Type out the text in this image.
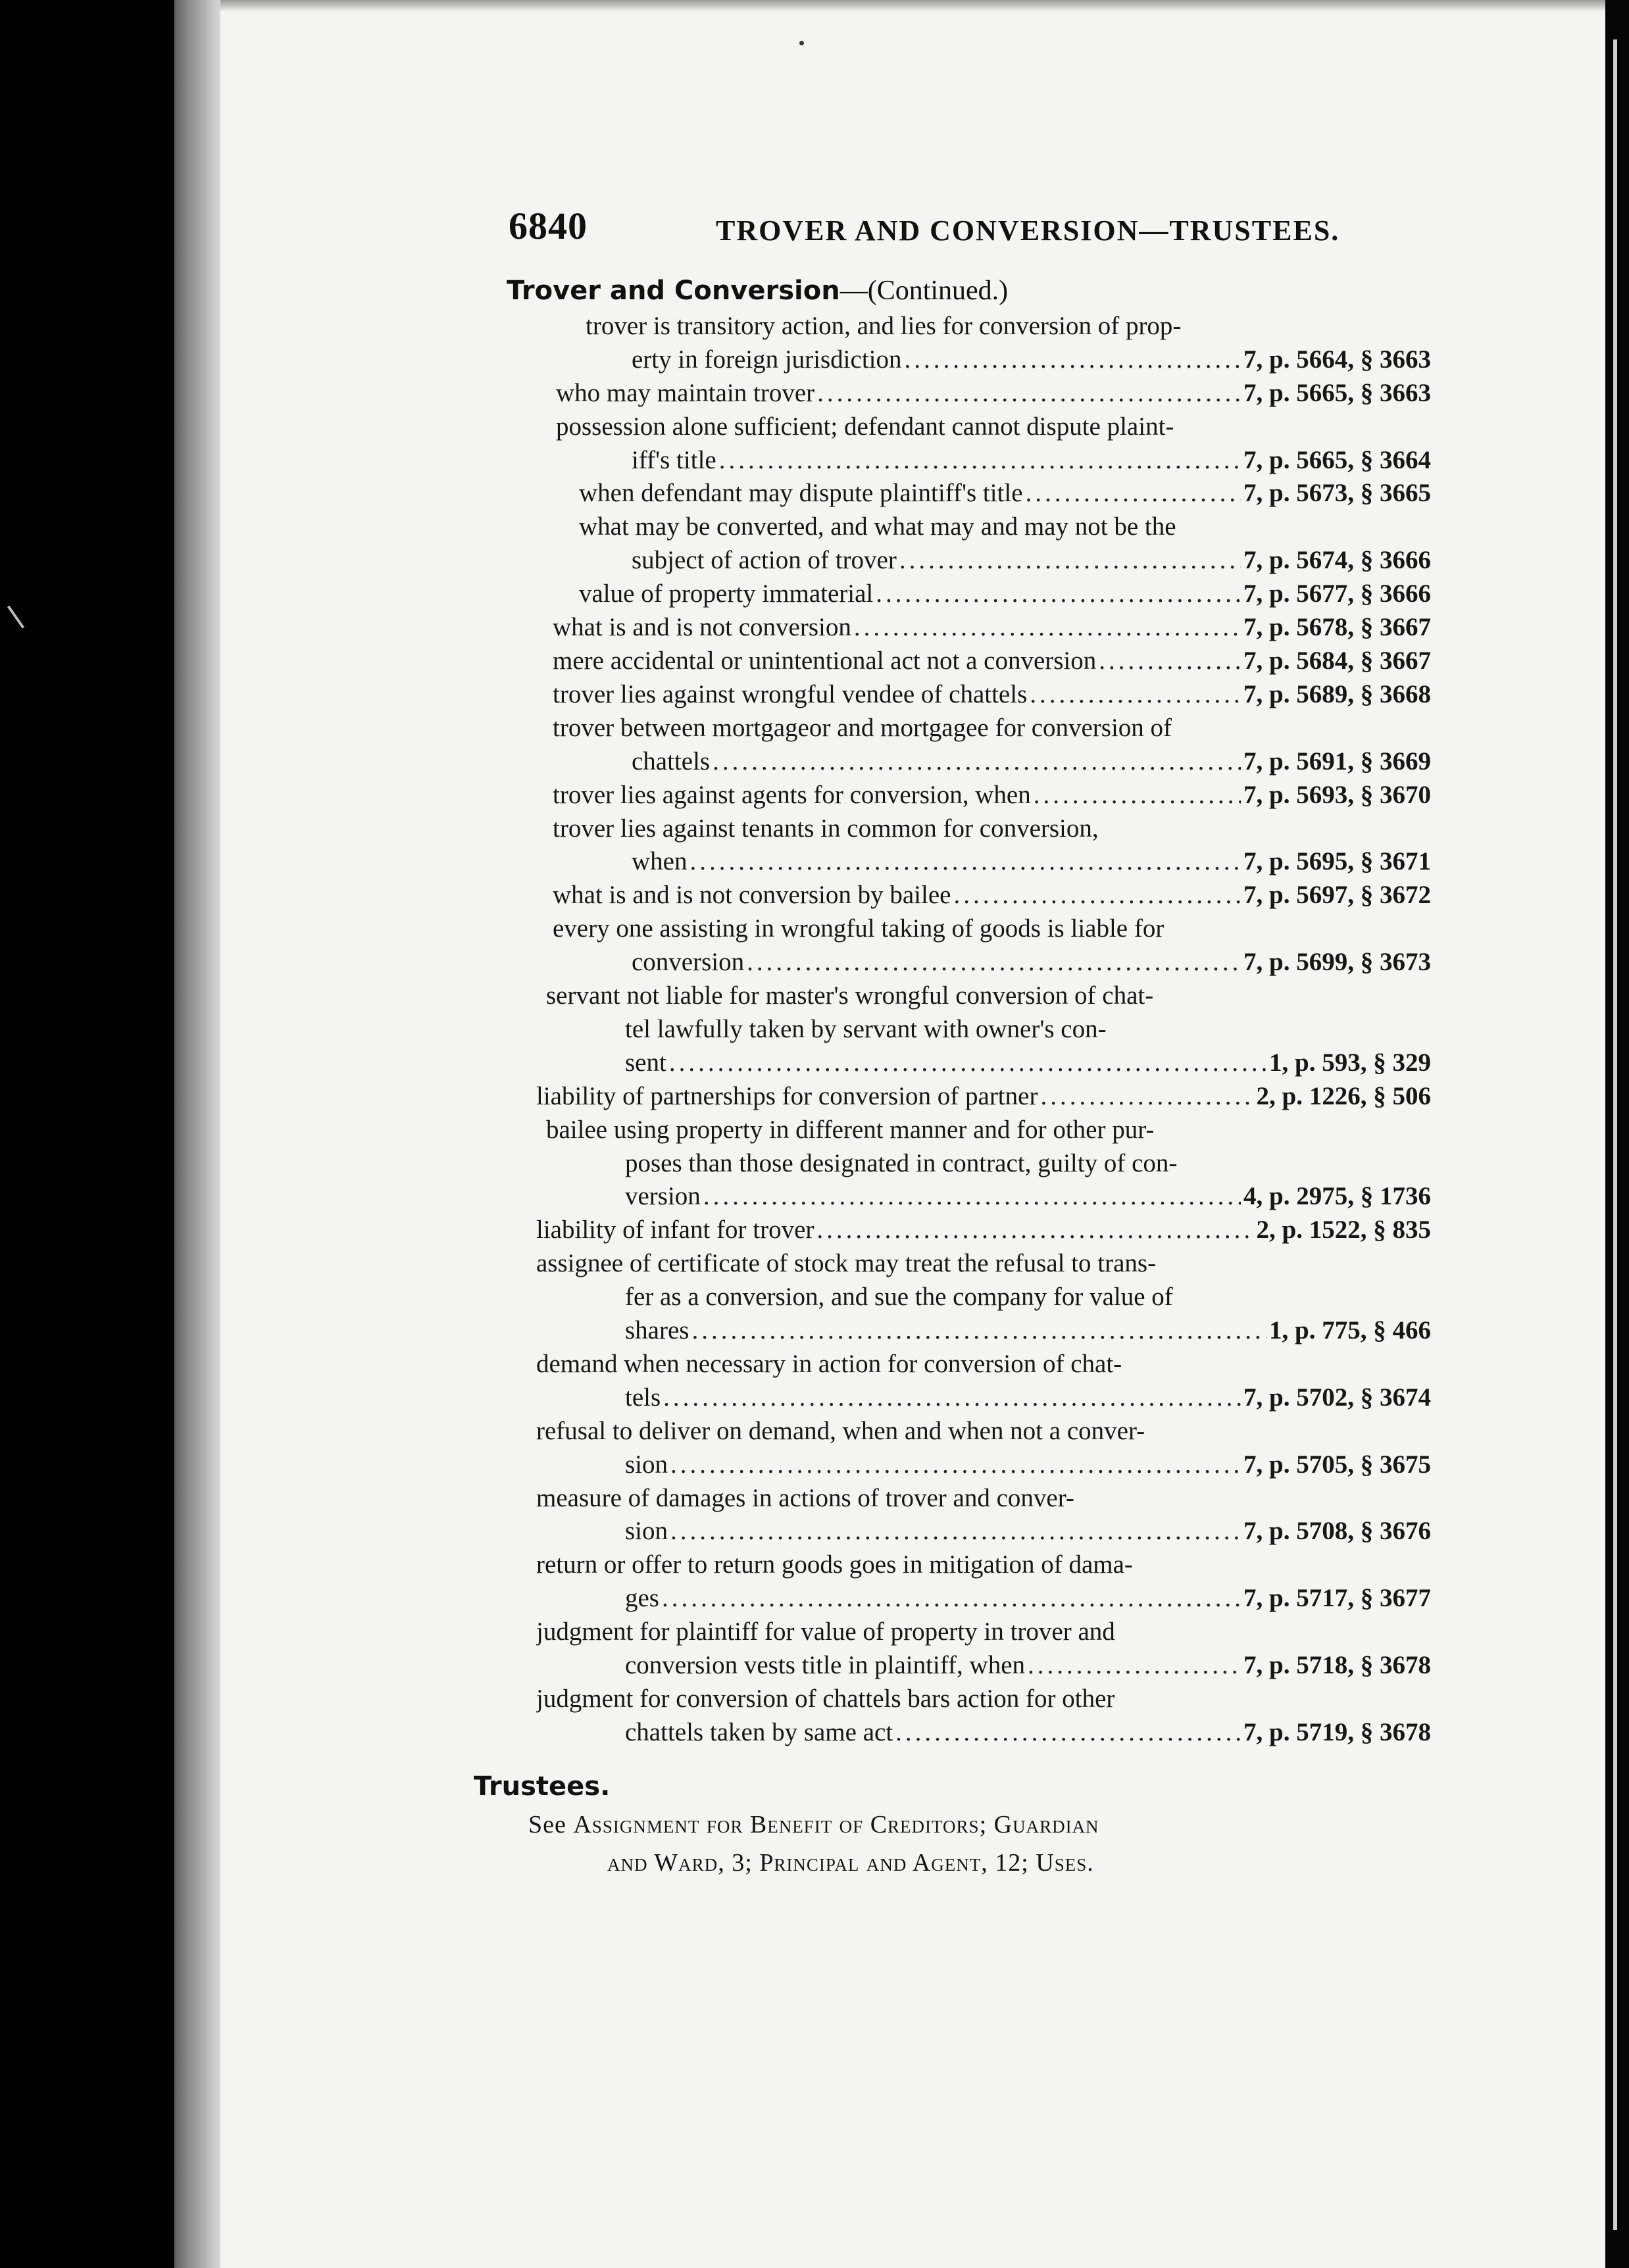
6840	TROVER AND CONVERSION—TRUSTEES.
Trover and Conversion—(Continued.)
trover is transitory action, and lies for conversion of prop-
erty in foreign jurisdiction .....	7, p. 5664, § 3663
who may maintain trover .....	7, p. 5665, § 3663
possession alone sufficient; defendant cannot dispute plaint-
iff's title .....	7, p. 5665, § 3664
when defendant may dispute plaintiff's title .....	7, p. 5673, § 3665
what may be converted, and what may and may not be the
subject of action of trover .....	7, p. 5674, § 3666
value of property immaterial .....	7, p. 5677, § 3666
what is and is not conversion .....	7, p. 5678, § 3667
mere accidental or unintentional act not a conversion .....	7, p. 5684, § 3667
trover lies against wrongful vendee of chattels .....	7, p. 5689, § 3668
trover between mortgageor and mortgagee for conversion of
chattels .....	7, p. 5691, § 3669
trover lies against agents for conversion, when .....	7, p. 5693, § 3670
trover lies against tenants in common for conversion,
when .....	7, p. 5695, § 3671
what is and is not conversion by bailee .....	7, p. 5697, § 3672
every one assisting in wrongful taking of goods is liable for
conversion .....	7, p. 5699, § 3673
servant not liable for master's wrongful conversion of chat-
tel lawfully taken by servant with owner's con-
sent .....	1, p. 593, § 329
liability of partnerships for conversion of partner .....	2, p. 1226, § 506
bailee using property in different manner and for other pur-
poses than those designated in contract, guilty of con-
version .....	4, p. 2975, § 1736
liability of infant for trover .....	2, p. 1522, § 835
assignee of certificate of stock may treat the refusal to trans-
fer as a conversion, and sue the company for value of
shares .....	1, p. 775, § 466
demand when necessary in action for conversion of chat-
tels .....	7, p. 5702, § 3674
refusal to deliver on demand, when and when not a conver-
sion .....	7, p. 5705, § 3675
measure of damages in actions of trover and conver-
sion .....	7, p. 5708, § 3676
return or offer to return goods goes in mitigation of dama-
ges .....	7, p. 5717, § 3677
judgment for plaintiff for value of property in trover and
conversion vests title in plaintiff, when .....	7, p. 5718, § 3678
judgment for conversion of chattels bars action for other
chattels taken by same act .....	7, p. 5719, § 3678
Trustees.
See Assignment for Benefit of Creditors; Guardian
and Ward, 3; Principal and Agent, 12; Uses.
